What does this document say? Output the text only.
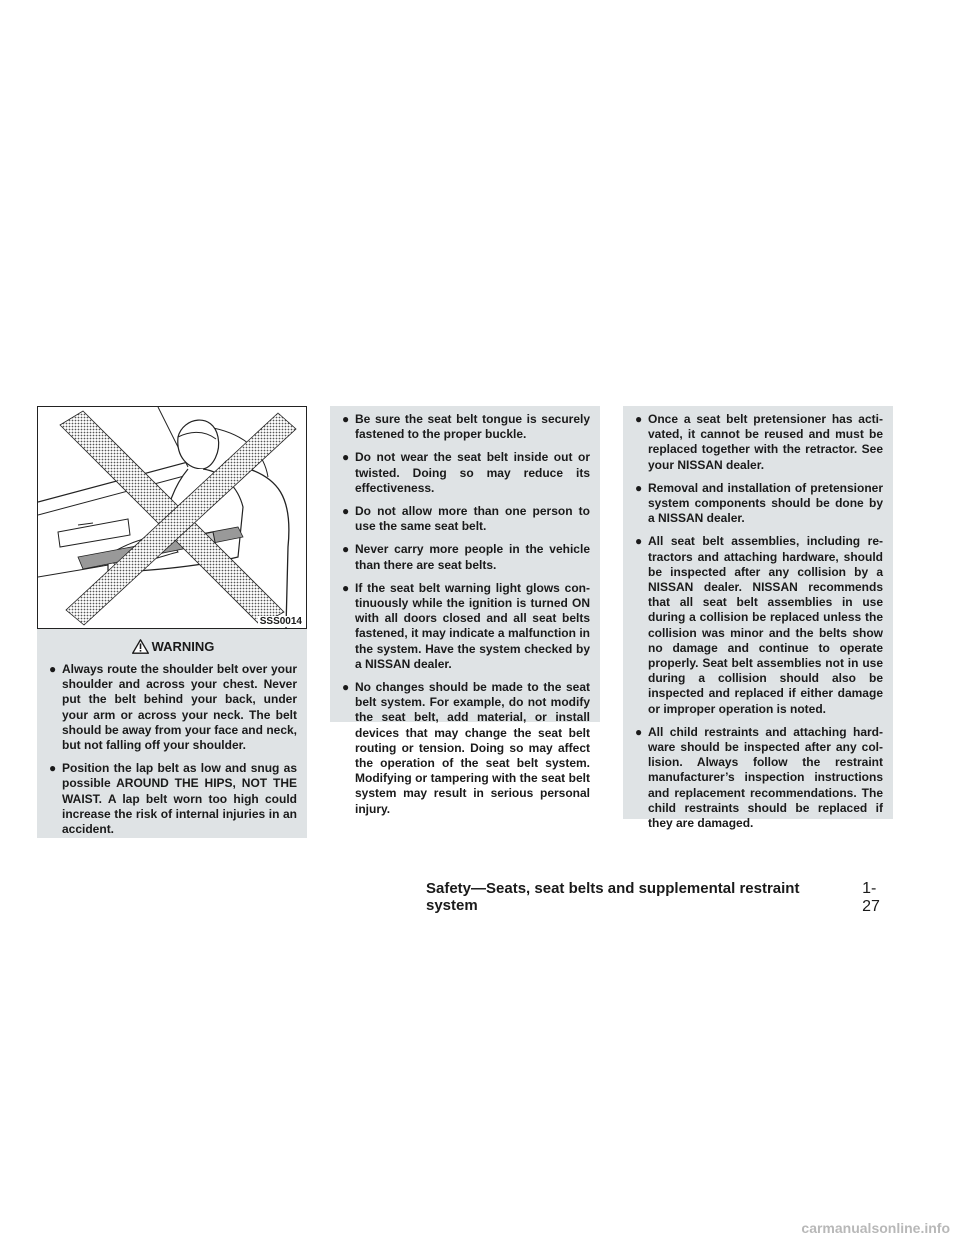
SSS0014
WARNING
● Always route the shoulder belt over your shoulder and across your chest. Never put the belt behind your back, under your arm or across your neck. The belt should be away from your face and neck, but not falling off your shoulder.
● Position the lap belt as low and snug as possible AROUND THE HIPS, NOT THE WAIST. A lap belt worn too high could increase the risk of internal injuries in an accident.
● Be sure the seat belt tongue is securely fastened to the proper buckle.
● Do not wear the seat belt inside out or twisted. Doing so may reduce its effectiveness.
● Do not allow more than one person to use the same seat belt.
● Never carry more people in the vehicle than there are seat belts.
● If the seat belt warning light glows continuously while the ignition is turned ON with all doors closed and all seat belts fastened, it may indicate a malfunction in the system. Have the system checked by a NISSAN dealer.
● No changes should be made to the seat belt system. For example, do not modify the seat belt, add material, or install devices that may change the seat belt routing or tension. Doing so may affect the operation of the seat belt system. Modifying or tampering with the seat belt system may result in serious personal injury.
● Once a seat belt pretensioner has activated, it cannot be reused and must be replaced together with the retractor. See your NISSAN dealer.
● Removal and installation of pretensioner system components should be done by a NISSAN dealer.
● All seat belt assemblies, including retractors and attaching hardware, should be inspected after any collision by a NISSAN dealer. NISSAN recommends that all seat belt assemblies in use during a collision be replaced unless the collision was minor and the belts show no damage and continue to operate properly. Seat belt assemblies not in use during a collision should also be inspected and replaced if either damage or improper operation is noted.
● All child restraints and attaching hardware should be inspected after any collision. Always follow the restraint manufacturer’s inspection instructions and replacement recommendations. The child restraints should be replaced if they are damaged.
Safety—Seats, seat belts and supplemental restraint system
1-27
carmanualsonline.info
